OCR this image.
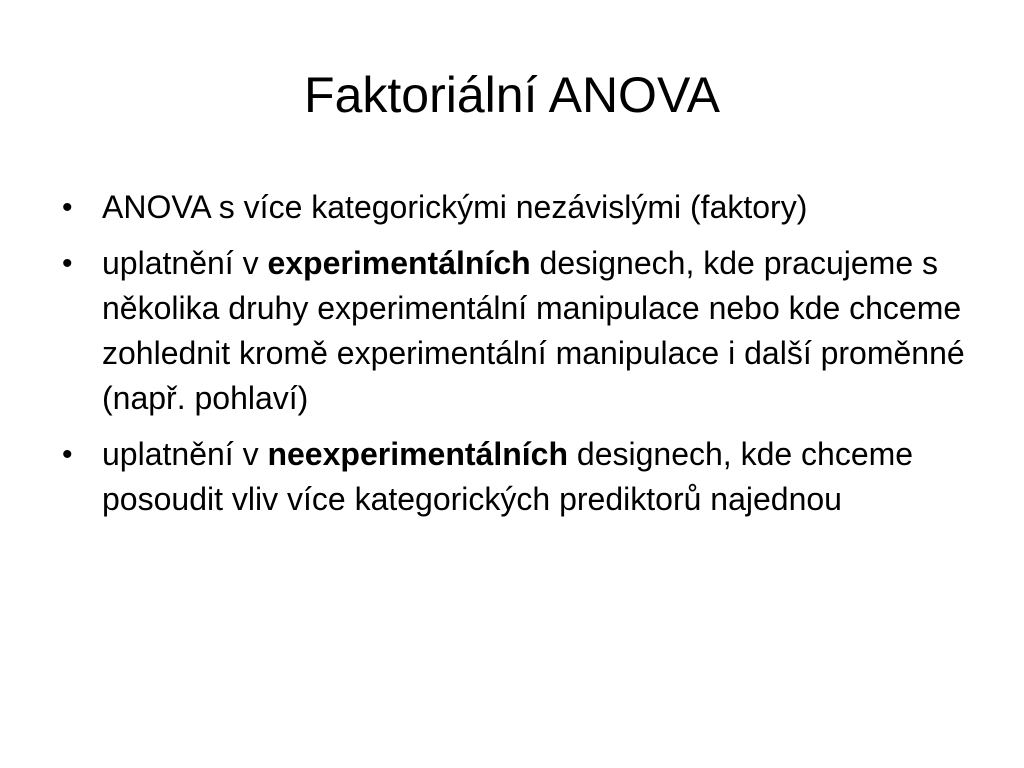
Faktoriální ANOVA
• ANOVA s více kategorickými nezávislými (faktory)
• uplatnění v experimentálních designech, kde pracujeme s několika druhy experimentální manipulace nebo kde chceme zohlednit kromě experimentální manipulace i další proměnné (např. pohlaví)
• uplatnění v neexperimentálních designech, kde chceme posoudit vliv více kategorických prediktorů najednou
